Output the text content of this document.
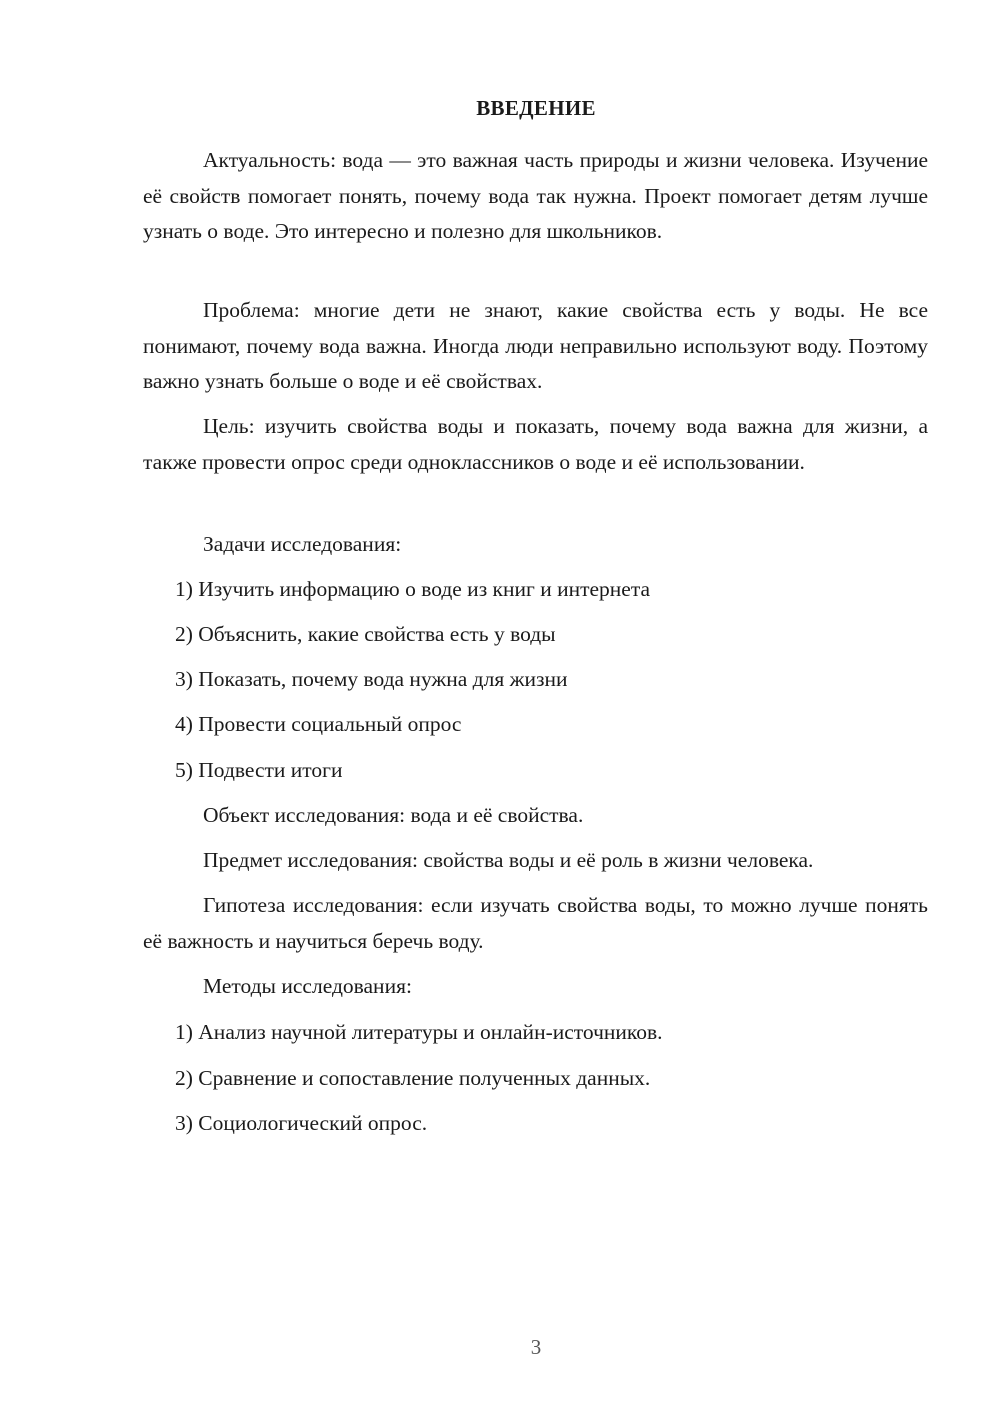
ВВЕДЕНИЕ

Актуальность: вода — это важная часть природы и жизни человека. Изучение её свойств помогает понять, почему вода так нужна. Проект помогает детям лучше узнать о воде. Это интересно и полезно для школьников.

Проблема: многие дети не знают, какие свойства есть у воды. Не все понимают, почему вода важна. Иногда люди неправильно используют воду. Поэтому важно узнать больше о воде и её свойствах.

Цель: изучить свойства воды и показать, почему вода важна для жизни, а также провести опрос среди одноклассников о воде и её использовании.

Задачи исследования:

1) Изучить информацию о воде из книг и интернета

2) Объяснить, какие свойства есть у воды

3) Показать, почему вода нужна для жизни

4) Провести социальный опрос

5) Подвести итоги

Объект исследования: вода и её свойства.

Предмет исследования: свойства воды и её роль в жизни человека.

Гипотеза исследования: если изучать свойства воды, то можно лучше понять её важность и научиться беречь воду.

Методы исследования:

1) Анализ научной литературы и онлайн-источников.

2) Сравнение и сопоставление полученных данных.

3) Социологический опрос.

3
